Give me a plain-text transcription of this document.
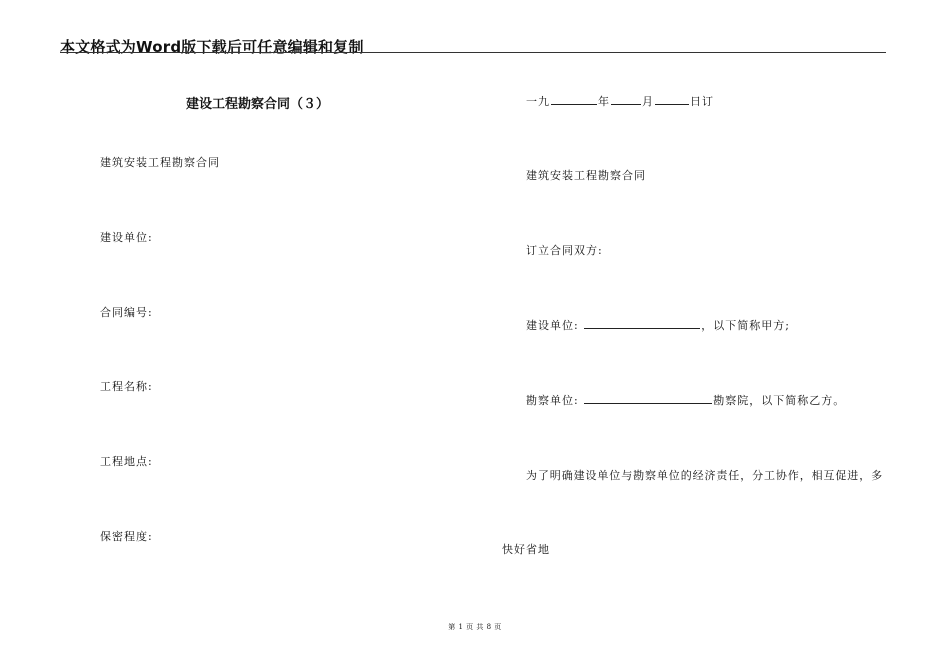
本文格式为Word版下载后可任意编辑和复制
建设工程勘察合同（３）
建筑安装工程勘察合同
建设单位:
合同编号:
工程名称:
工程地点:
保密程度:
一九	年	月	日订
建筑安装工程勘察合同
订立合同双方:
建设单位:	，以下简称甲方;
勘察单位:	勘察院，以下简称乙方。
为了明确建设单位与勘察单位的经济责任，分工协作，相互促进，多
快好省地
第 1 页 共 8 页
